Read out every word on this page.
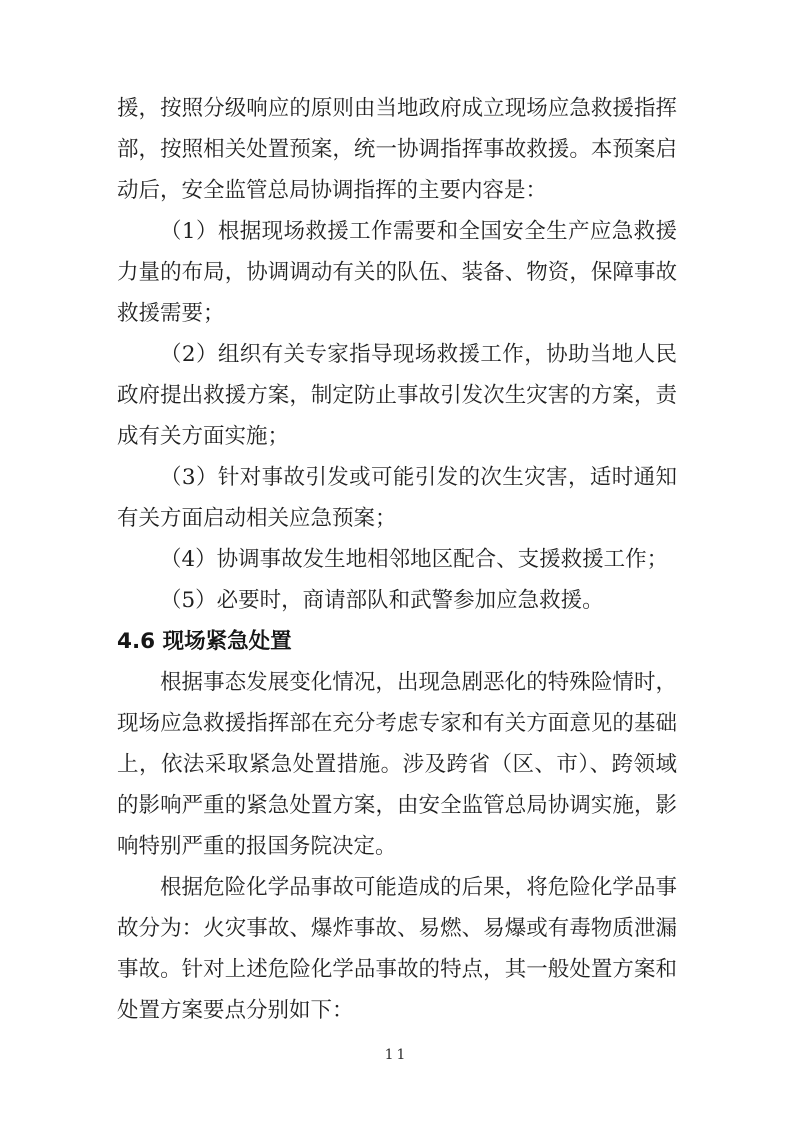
援，按照分级响应的原则由当地政府成立现场应急救援指挥部，按照相关处置预案，统一协调指挥事故救援。本预案启动后，安全监管总局协调指挥的主要内容是：

（1）根据现场救援工作需要和全国安全生产应急救援力量的布局，协调调动有关的队伍、装备、物资，保障事故救援需要；

（2）组织有关专家指导现场救援工作，协助当地人民政府提出救援方案，制定防止事故引发次生灾害的方案，责成有关方面实施；

（3）针对事故引发或可能引发的次生灾害，适时通知有关方面启动相关应急预案；

（4）协调事故发生地相邻地区配合、支援救援工作；

（5）必要时，商请部队和武警参加应急救援。

4.6 现场紧急处置

根据事态发展变化情况，出现急剧恶化的特殊险情时，现场应急救援指挥部在充分考虑专家和有关方面意见的基础上，依法采取紧急处置措施。涉及跨省（区、市）、跨领域的影响严重的紧急处置方案，由安全监管总局协调实施，影响特别严重的报国务院决定。

根据危险化学品事故可能造成的后果，将危险化学品事故分为：火灾事故、爆炸事故、易燃、易爆或有毒物质泄漏事故。针对上述危险化学品事故的特点，其一般处置方案和处置方案要点分别如下：

11
